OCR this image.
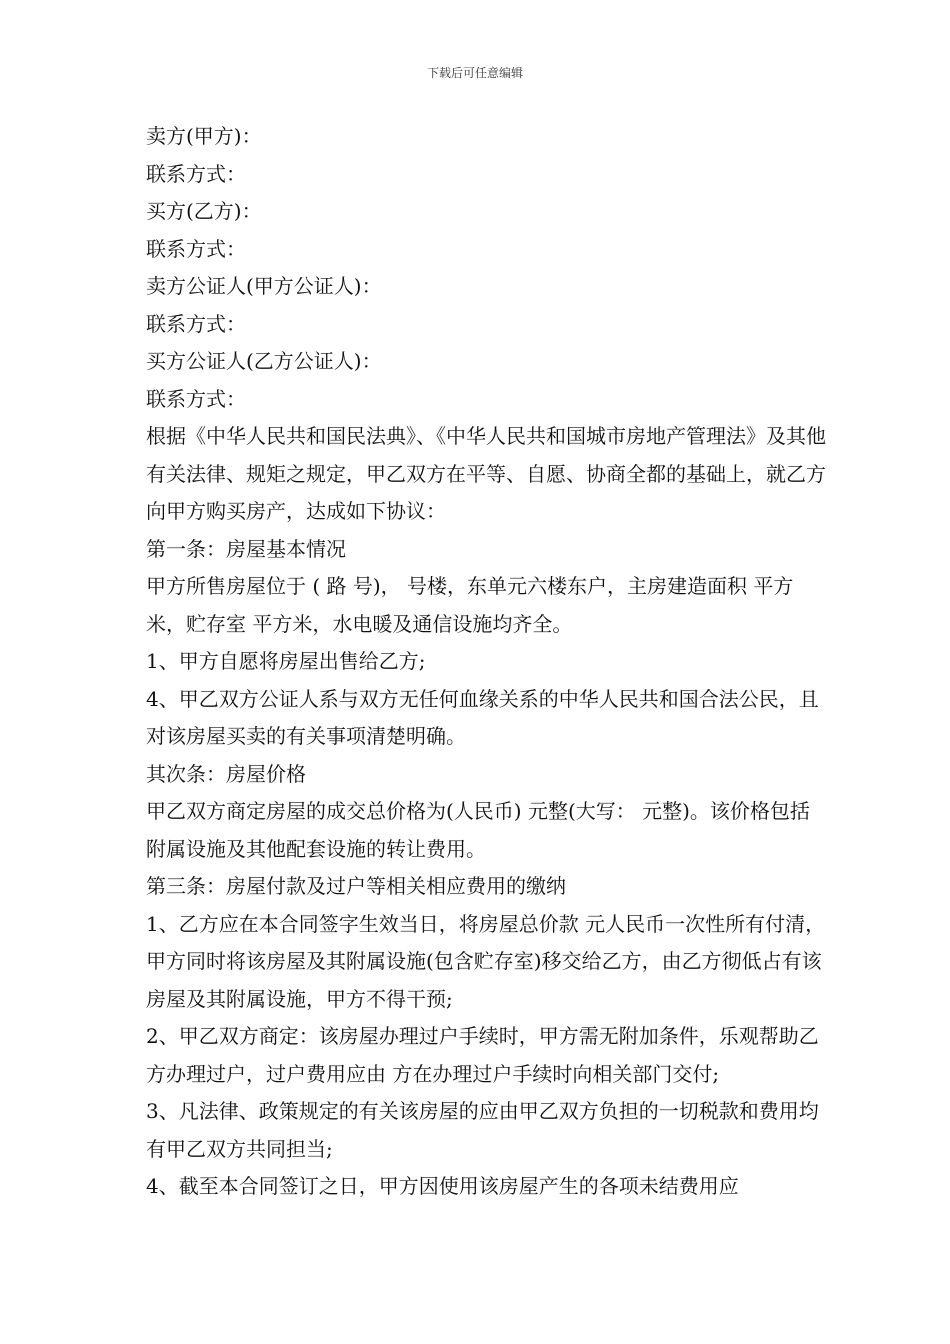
下载后可任意编辑

卖方(甲方)：

联系方式：

买方(乙方)：

联系方式：

卖方公证人(甲方公证人)：

联系方式：

买方公证人(乙方公证人)：

联系方式：

根据《中华人民共和国民法典》、《中华人民共和国城市房地产管理法》及其他有关法律、规矩之规定，甲乙双方在平等、自愿、协商全都的基础上，就乙方向甲方购买房产，达成如下协议：

第一条：房屋基本情况

甲方所售房屋位于 ( 路 号)， 号楼，东单元六楼东户，主房建造面积 平方米，贮存室 平方米，水电暖及通信设施均齐全。

1、甲方自愿将房屋出售给乙方;

4、甲乙双方公证人系与双方无任何血缘关系的中华人民共和国合法公民，且对该房屋买卖的有关事项清楚明确。

其次条：房屋价格

甲乙双方商定房屋的成交总价格为(人民币) 元整(大写： 元整)。该价格包括附属设施及其他配套设施的转让费用。

第三条：房屋付款及过户等相关相应费用的缴纳

1、乙方应在本合同签字生效当日，将房屋总价款 元人民币一次性所有付清，甲方同时将该房屋及其附属设施(包含贮存室)移交给乙方，由乙方彻低占有该房屋及其附属设施，甲方不得干预;

2、甲乙双方商定：该房屋办理过户手续时，甲方需无附加条件，乐观帮助乙方办理过户，过户费用应由 方在办理过户手续时向相关部门交付;

3、凡法律、政策规定的有关该房屋的应由甲乙双方负担的一切税款和费用均有甲乙双方共同担当;

4、截至本合同签订之日，甲方因使用该房屋产生的各项未结费用应
